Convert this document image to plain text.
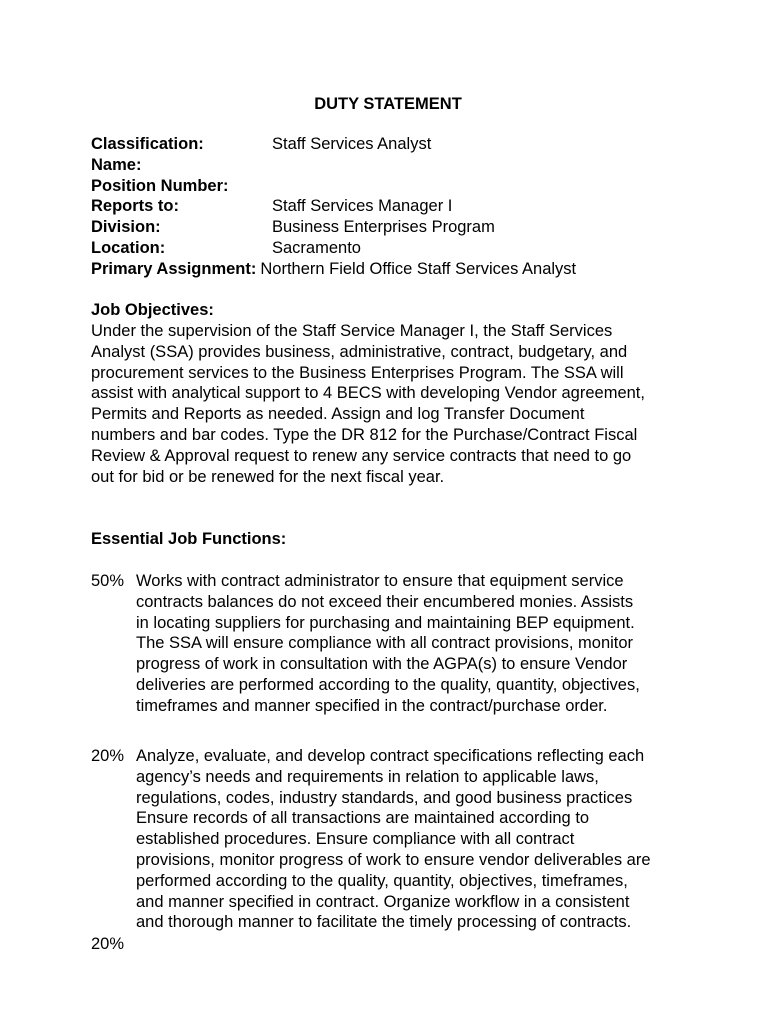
DUTY STATEMENT
Classification:	Staff Services Analyst
Name:
Position Number:
Reports to:	Staff Services Manager I
Division:	Business Enterprises Program
Location:	Sacramento
Primary Assignment: Northern Field Office Staff Services Analyst
Job Objectives:
Under the supervision of the Staff Service Manager I, the Staff Services
Analyst (SSA) provides business, administrative, contract, budgetary, and
procurement services to the Business Enterprises Program. The SSA will
assist with analytical support to 4 BECS with developing Vendor agreement,
Permits and Reports as needed. Assign and log Transfer Document
numbers and bar codes. Type the DR 812 for the Purchase/Contract Fiscal
Review & Approval request to renew any service contracts that need to go
out for bid or be renewed for the next fiscal year.
Essential Job Functions:
50% Works with contract administrator to ensure that equipment service
contracts balances do not exceed their encumbered monies. Assists
in locating suppliers for purchasing and maintaining BEP equipment.
The SSA will ensure compliance with all contract provisions, monitor
progress of work in consultation with the AGPA(s) to ensure Vendor
deliveries are performed according to the quality, quantity, objectives,
timeframes and manner specified in the contract/purchase order.
20% Analyze, evaluate, and develop contract specifications reflecting each
agency’s needs and requirements in relation to applicable laws,
regulations, codes, industry standards, and good business practices
Ensure records of all transactions are maintained according to
established procedures. Ensure compliance with all contract
provisions, monitor progress of work to ensure vendor deliverables are
performed according to the quality, quantity, objectives, timeframes,
and manner specified in contract. Organize workflow in a consistent
and thorough manner to facilitate the timely processing of contracts.
20%
